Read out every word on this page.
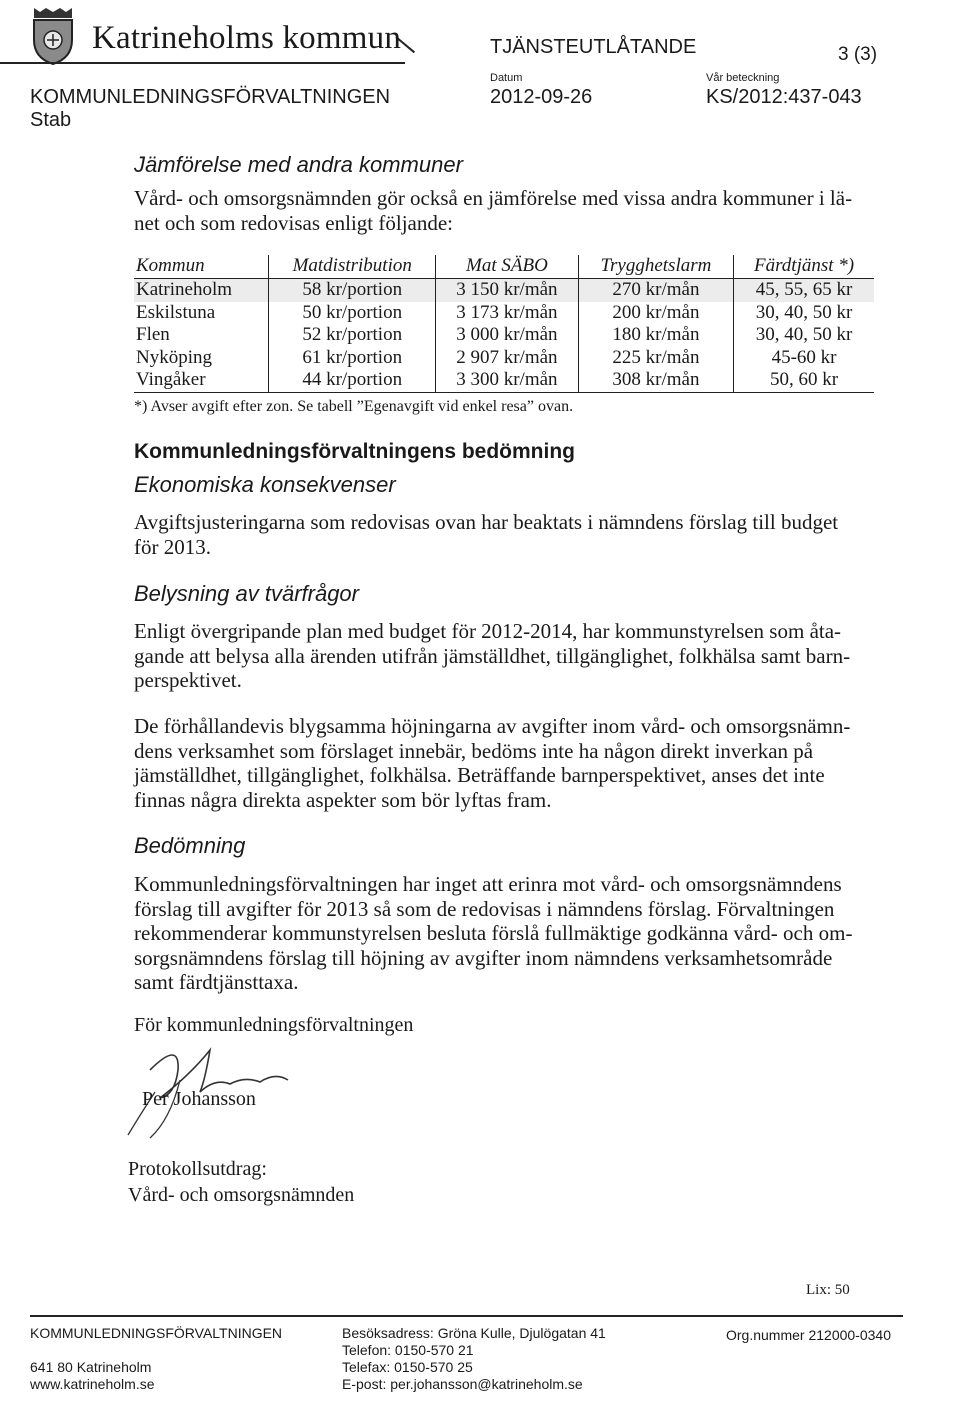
Katrineholms kommun	TJÄNSTEUTLÅTANDE	3 (3)
Datum
2012-09-26
Vår beteckning
KS/2012:437-043
KOMMUNLEDNINGSFÖRVALTNINGEN
Stab
Jämförelse med andra kommuner
Vård- och omsorgsnämnden gör också en jämförelse med vissa andra kommuner i lä-
net och som redovisas enligt följande:
Kommun	Matdistribution	Mat SÄBO	Trygghetslarm	Färdtjänst *)
Katrineholm	58 kr/portion	3 150 kr/mån	270 kr/mån	45, 55, 65 kr
Eskilstuna	50 kr/portion	3 173 kr/mån	200 kr/mån	30, 40, 50 kr
Flen	52 kr/portion	3 000 kr/mån	180 kr/mån	30, 40, 50 kr
Nyköping	61 kr/portion	2 907 kr/mån	225 kr/mån	45-60 kr
Vingåker	44 kr/portion	3 300 kr/mån	308 kr/mån	50, 60 kr
*) Avser avgift efter zon. Se tabell ”Egenavgift vid enkel resa” ovan.
Kommunledningsförvaltningens bedömning
Ekonomiska konsekvenser
Avgiftsjusteringarna som redovisas ovan har beaktats i nämndens förslag till budget
för 2013.
Belysning av tvärfrågor
Enligt övergripande plan med budget för 2012-2014, har kommunstyrelsen som åta-
gande att belysa alla ärenden utifrån jämställdhet, tillgänglighet, folkhälsa samt barn-
perspektivet.
De förhållandevis blygsamma höjningarna av avgifter inom vård- och omsorgsnämn-
dens verksamhet som förslaget innebär, bedöms inte ha någon direkt inverkan på
jämställdhet, tillgänglighet, folkhälsa. Beträffande barnperspektivet, anses det inte
finnas några direkta aspekter som bör lyftas fram.
Bedömning
Kommunledningsförvaltningen har inget att erinra mot vård- och omsorgsnämndens
förslag till avgifter för 2013 så som de redovisas i nämndens förslag. Förvaltningen
rekommenderar kommunstyrelsen besluta förslå fullmäktige godkänna vård- och om-
sorgsnämndens förslag till höjning av avgifter inom nämndens verksamhetsområde
samt färdtjänsttaxa.
För kommunledningsförvaltningen
Per Johansson
Protokollsutdrag:
Vård- och omsorgsnämnden
Lix: 50
KOMMUNLEDNINGSFÖRVALTNINGEN
641 80 Katrineholm
www.katrineholm.se
Besöksadress: Gröna Kulle, Djulögatan 41
Telefon: 0150-570 21
Telefax: 0150-570 25
E-post: per.johansson@katrineholm.se
Org.nummer 212000-0340
